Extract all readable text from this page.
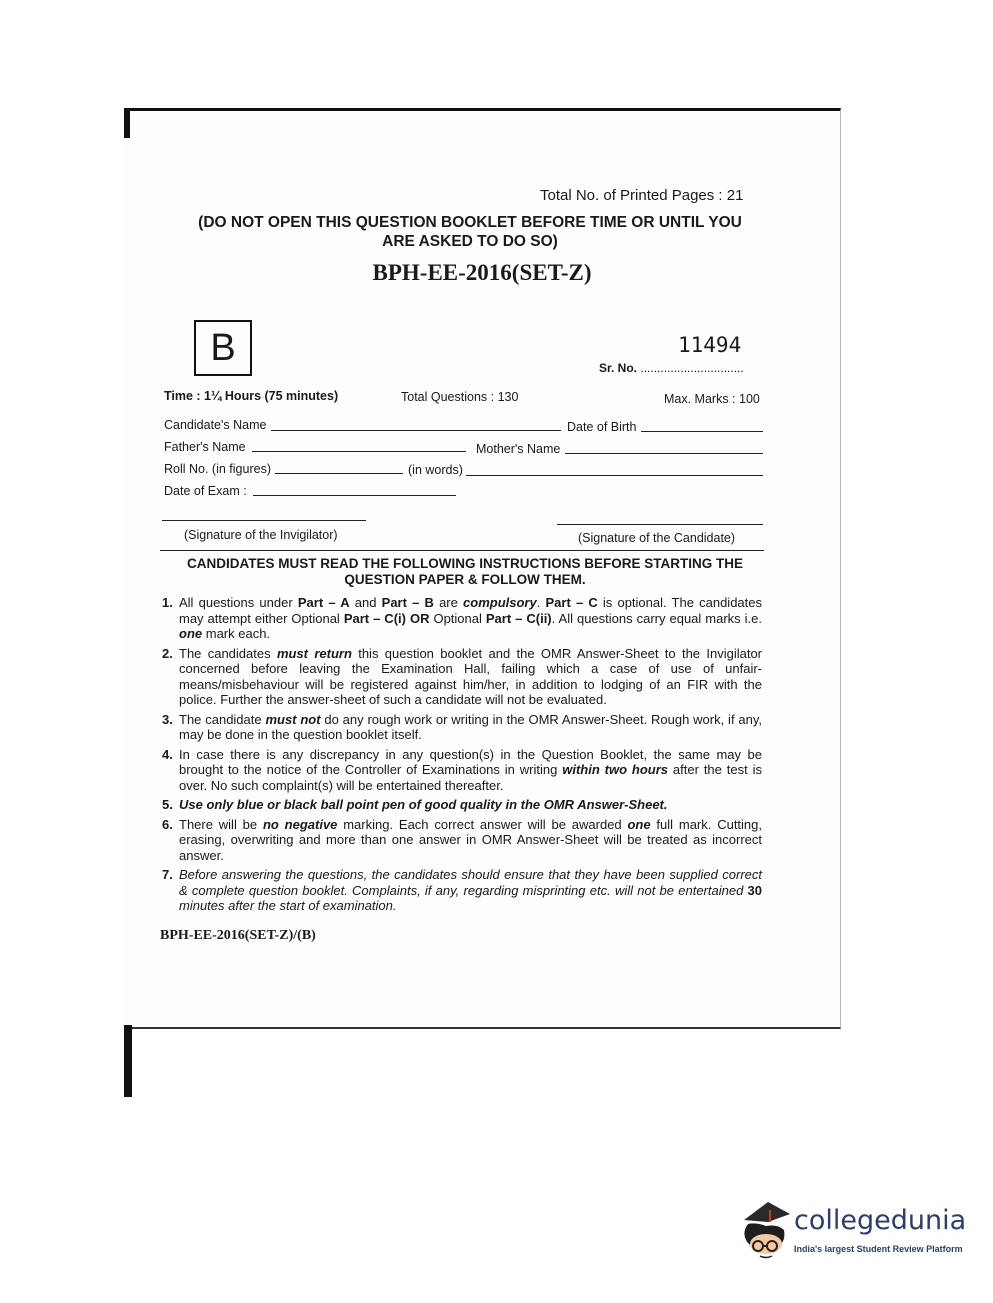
Total No. of Printed Pages : 21
(DO NOT OPEN THIS QUESTION BOOKLET BEFORE TIME OR UNTIL YOU
ARE ASKED TO DO SO)
BPH-EE-2016(SET-Z)
B	11494
Sr. No. ...............................
Time : 1¼ Hours (75 minutes)	Total Questions : 130	Max. Marks : 100
Candidate's Name	Date of Birth
Father's Name	Mother's Name
Roll No. (in figures)	(in words)
Date of Exam :
(Signature of the Invigilator)	(Signature of the Candidate)
CANDIDATES MUST READ THE FOLLOWING INSTRUCTIONS BEFORE STARTING THE
QUESTION PAPER & FOLLOW THEM.
1. All questions under Part – A and Part – B are compulsory. Part – C is optional. The candidates may attempt either Optional Part – C(i) OR Optional Part – C(ii). All questions carry equal marks i.e. one mark each.
2. The candidates must return this question booklet and the OMR Answer-Sheet to the Invigilator concerned before leaving the Examination Hall, failing which a case of use of unfair-means/misbehaviour will be registered against him/her, in addition to lodging of an FIR with the police. Further the answer-sheet of such a candidate will not be evaluated.
3. The candidate must not do any rough work or writing in the OMR Answer-Sheet. Rough work, if any, may be done in the question booklet itself.
4. In case there is any discrepancy in any question(s) in the Question Booklet, the same may be brought to the notice of the Controller of Examinations in writing within two hours after the test is over. No such complaint(s) will be entertained thereafter.
5. Use only blue or black ball point pen of good quality in the OMR Answer-Sheet.
6. There will be no negative marking. Each correct answer will be awarded one full mark. Cutting, erasing, overwriting and more than one answer in OMR Answer-Sheet will be treated as incorrect answer.
7. Before answering the questions, the candidates should ensure that they have been supplied correct & complete question booklet. Complaints, if any, regarding misprinting etc. will not be entertained 30 minutes after the start of examination.
BPH-EE-2016(SET-Z)/(B)
collegedunia
India's largest Student Review Platform
